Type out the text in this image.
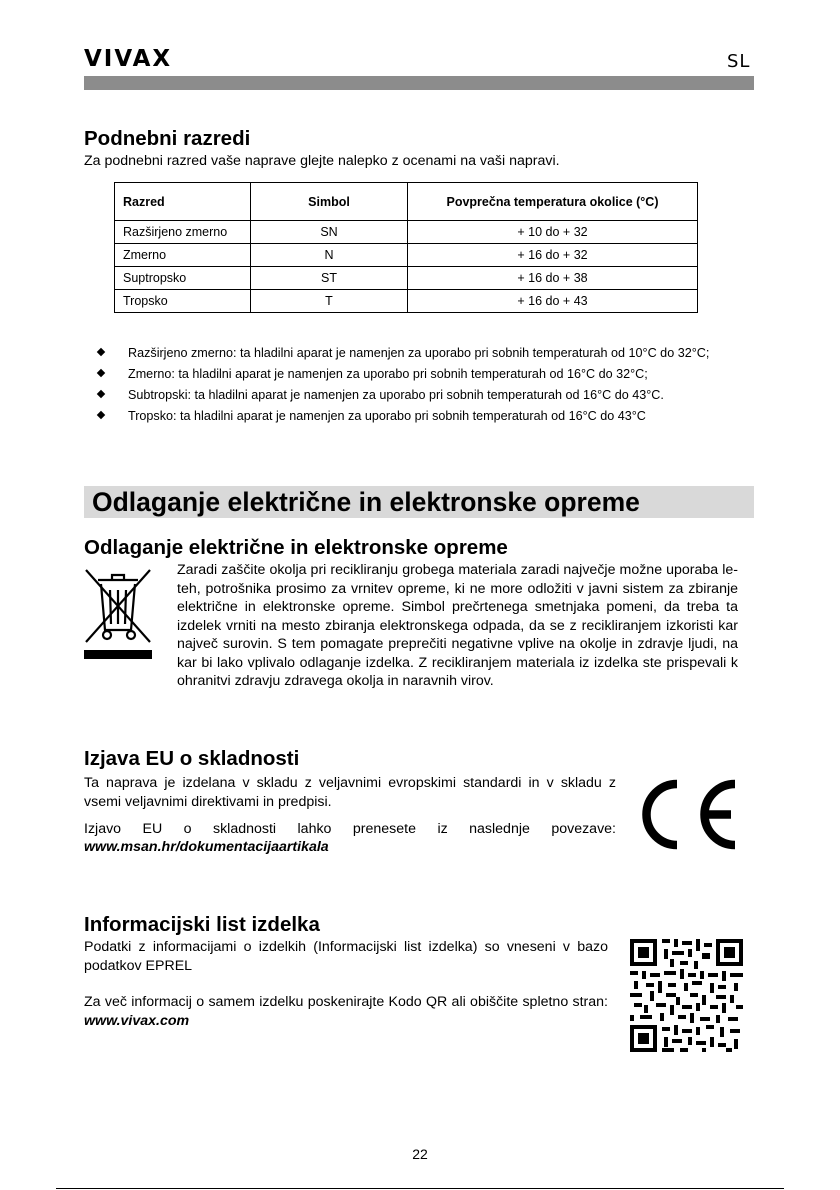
VIVAX	SL
Podnebni razredi

Za podnebni razred vaše naprave glejte nalepko z ocenami na vaši napravi.

Razred	Simbol	Povprečna temperatura okolice (°C)
Razširjeno zmerno	SN	+ 10 do + 32
Zmerno	N	+ 16 do + 32
Suptropsko	ST	+ 16 do + 38
Tropsko	T	+ 16 do + 43
Razširjeno zmerno: ta hladilni aparat je namenjen za uporabo pri sobnih temperaturah od 10°C do 32°C;
Zmerno: ta hladilni aparat je namenjen za uporabo pri sobnih temperaturah od 16°C do 32°C;
Subtropski: ta hladilni aparat je namenjen za uporabo pri sobnih temperaturah od 16°C do 43°C.
Tropsko: ta hladilni aparat je namenjen za uporabo pri sobnih temperaturah od 16°C do 43°C
Odlaganje električne in elektronske opreme
Odlaganje električne in elektronske opreme
Zaradi zaščite okolja pri recikliranju grobega materiala zaradi največje možne uporaba le-teh, potrošnika prosimo za vrnitev opreme, ki ne more odložiti v javni sistem za zbiranje električne in elektronske opreme. Simbol prečrtenega smetnjaka pomeni, da treba ta izdelek vrniti na mesto zbiranja elektronskega odpada, da se z recikliranjem izkoristi kar največ surovin. S tem pomagate preprečiti negativne vplive na okolje in zdravje ljudi, na kar bi lako vplivalo odlaganje izdelka. Z recikliranjem materiala iz izdelka ste prispevali k ohranitvi zdravju zdravega okolja in naravnih virov.
Izjava EU o skladnosti

Ta naprava je izdelana v skladu z veljavnimi evropskimi standardi in v skladu z vsemi veljavnimi direktivami in predpisi.

Izjavo EU o skladnosti lahko prenesete iz naslednje povezave:

www.msan.hr/dokumentacijaartikala

Informacijski list izdelka

Podatki z informacijami o izdelkih (Informacijski list izdelka) so vneseni v bazo podatkov EPREL

Za več informacij o samem izdelku poskenirajte Kodo QR ali obiščite spletno stran: www.vivax.com

22
